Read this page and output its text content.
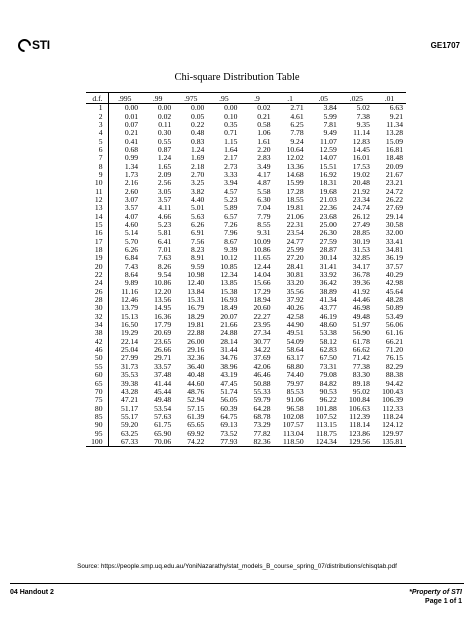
STI	GE1707
Chi-square Distribution Table
d.f.	.995	.99	.975	.95	.9	.1	.05	.025	.01
1	0.00	0.00	0.00	0.00	0.02	2.71	3.84	5.02	6.63
2	0.01	0.02	0.05	0.10	0.21	4.61	5.99	7.38	9.21
3	0.07	0.11	0.22	0.35	0.58	6.25	7.81	9.35	11.34
4	0.21	0.30	0.48	0.71	1.06	7.78	9.49	11.14	13.28
5	0.41	0.55	0.83	1.15	1.61	9.24	11.07	12.83	15.09
6	0.68	0.87	1.24	1.64	2.20	10.64	12.59	14.45	16.81
7	0.99	1.24	1.69	2.17	2.83	12.02	14.07	16.01	18.48
8	1.34	1.65	2.18	2.73	3.49	13.36	15.51	17.53	20.09
9	1.73	2.09	2.70	3.33	4.17	14.68	16.92	19.02	21.67
10	2.16	2.56	3.25	3.94	4.87	15.99	18.31	20.48	23.21
11	2.60	3.05	3.82	4.57	5.58	17.28	19.68	21.92	24.72
12	3.07	3.57	4.40	5.23	6.30	18.55	21.03	23.34	26.22
13	3.57	4.11	5.01	5.89	7.04	19.81	22.36	24.74	27.69
14	4.07	4.66	5.63	6.57	7.79	21.06	23.68	26.12	29.14
15	4.60	5.23	6.26	7.26	8.55	22.31	25.00	27.49	30.58
16	5.14	5.81	6.91	7.96	9.31	23.54	26.30	28.85	32.00
17	5.70	6.41	7.56	8.67	10.09	24.77	27.59	30.19	33.41
18	6.26	7.01	8.23	9.39	10.86	25.99	28.87	31.53	34.81
19	6.84	7.63	8.91	10.12	11.65	27.20	30.14	32.85	36.19
20	7.43	8.26	9.59	10.85	12.44	28.41	31.41	34.17	37.57
22	8.64	9.54	10.98	12.34	14.04	30.81	33.92	36.78	40.29
24	9.89	10.86	12.40	13.85	15.66	33.20	36.42	39.36	42.98
26	11.16	12.20	13.84	15.38	17.29	35.56	38.89	41.92	45.64
28	12.46	13.56	15.31	16.93	18.94	37.92	41.34	44.46	48.28
30	13.79	14.95	16.79	18.49	20.60	40.26	43.77	46.98	50.89
32	15.13	16.36	18.29	20.07	22.27	42.58	46.19	49.48	53.49
34	16.50	17.79	19.81	21.66	23.95	44.90	48.60	51.97	56.06
38	19.29	20.69	22.88	24.88	27.34	49.51	53.38	56.90	61.16
42	22.14	23.65	26.00	28.14	30.77	54.09	58.12	61.78	66.21
46	25.04	26.66	29.16	31.44	34.22	58.64	62.83	66.62	71.20
50	27.99	29.71	32.36	34.76	37.69	63.17	67.50	71.42	76.15
55	31.73	33.57	36.40	38.96	42.06	68.80	73.31	77.38	82.29
60	35.53	37.48	40.48	43.19	46.46	74.40	79.08	83.30	88.38
65	39.38	41.44	44.60	47.45	50.88	79.97	84.82	89.18	94.42
70	43.28	45.44	48.76	51.74	55.33	85.53	90.53	95.02	100.43
75	47.21	49.48	52.94	56.05	59.79	91.06	96.22	100.84	106.39
80	51.17	53.54	57.15	60.39	64.28	96.58	101.88	106.63	112.33
85	55.17	57.63	61.39	64.75	68.78	102.08	107.52	112.39	118.24
90	59.20	61.75	65.65	69.13	73.29	107.57	113.15	118.14	124.12
95	63.25	65.90	69.92	73.52	77.82	113.04	118.75	123.86	129.97
100	67.33	70.06	74.22	77.93	82.36	118.50	124.34	129.56	135.81
Source: https://people.smp.uq.edu.au/YoniNazarathy/stat_models_B_course_spring_07/distributions/chisqtab.pdf
04 Handout 2	*Property of STI
Page 1 of 1
